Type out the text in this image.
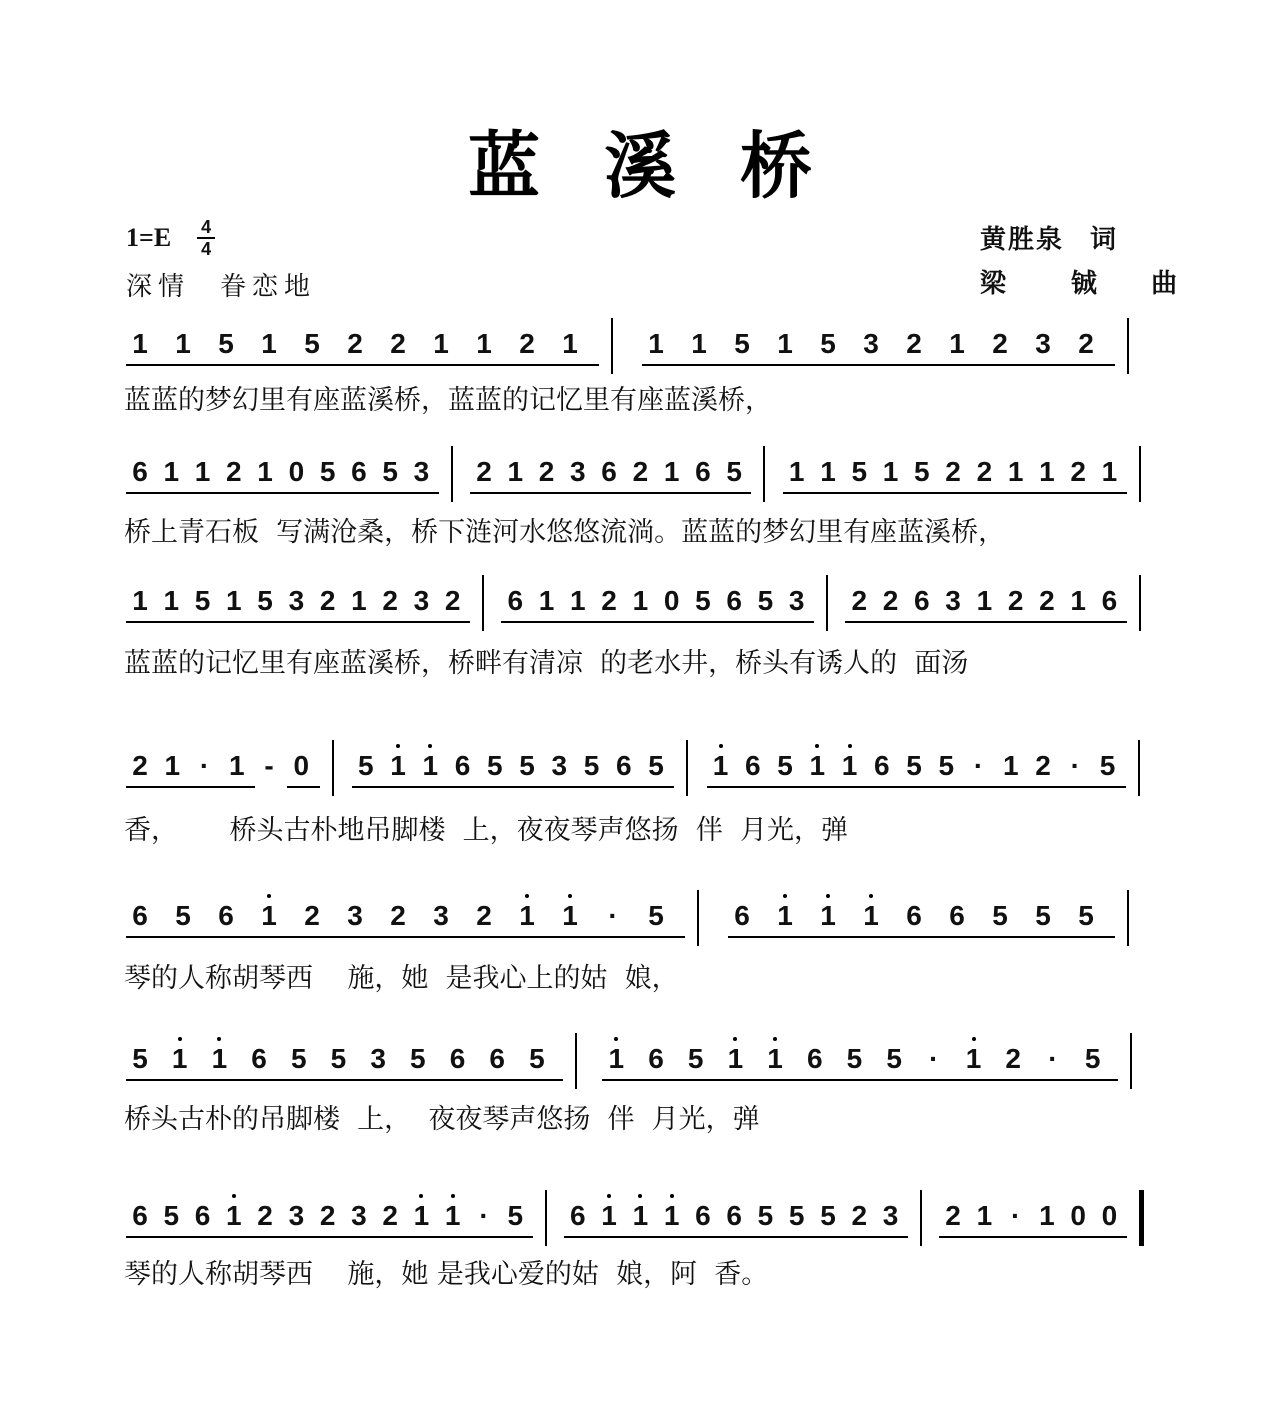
蓝溪桥
$1=E \frac{4}{4}$
深情 眷恋地
黄胜泉 词
梁 铖 曲
1 1 5 1 5 2 2 1 1 2 1	1 1 5 1 5 3 2 1 2 3 2
蓝蓝的梦幻里有座蓝溪桥，蓝蓝的记忆里有座蓝溪桥，
6 1 1 2 1 0 5 6 5 3 2 1 2 3 6 2 1 6 5 1 1 5 1 5 2 2 1 1 2 1
桥上青石板  写满沧桑，桥下涟河水悠悠流淌。蓝蓝的梦幻里有座蓝溪桥，
1 1 5 1 5 3 2 1 2 3 2 6 1 1 2 1 0 5 6 5 3 2 2 6 3 1 2 2 1 6
蓝蓝的记忆里有座蓝溪桥，桥畔有清凉  的老水井，桥头有诱人的  面汤
2 1 · 1 - 0 5 1 1 6 5 5 3 5 6 5 1 6 5 1 1 6 5 5 · 1 2 · 5
香，      桥头古朴地吊脚楼  上，夜夜琴声悠扬  伴  月光，弹
6 5 6 1 2 3 2 3 2 1 1 · 5	6 1 1 1 6 6 5 5 5
琴的人称胡琴西    施，她  是我心上的姑  娘，
5 1 1 6 5 5 3 5 6 6 5 1 6 5 1 1 6 5 5 · 1 2 · 5
桥头古朴的吊脚楼  上，  夜夜琴声悠扬  伴  月光，弹
6 5 6 1 2 3 2 3 2 1 1 · 5 6 1 1 1 6 6 5 5 5 2 3 2 1 · 1 0 0
琴的人称胡琴西    施，她 是我心爱的姑  娘，阿  香。
